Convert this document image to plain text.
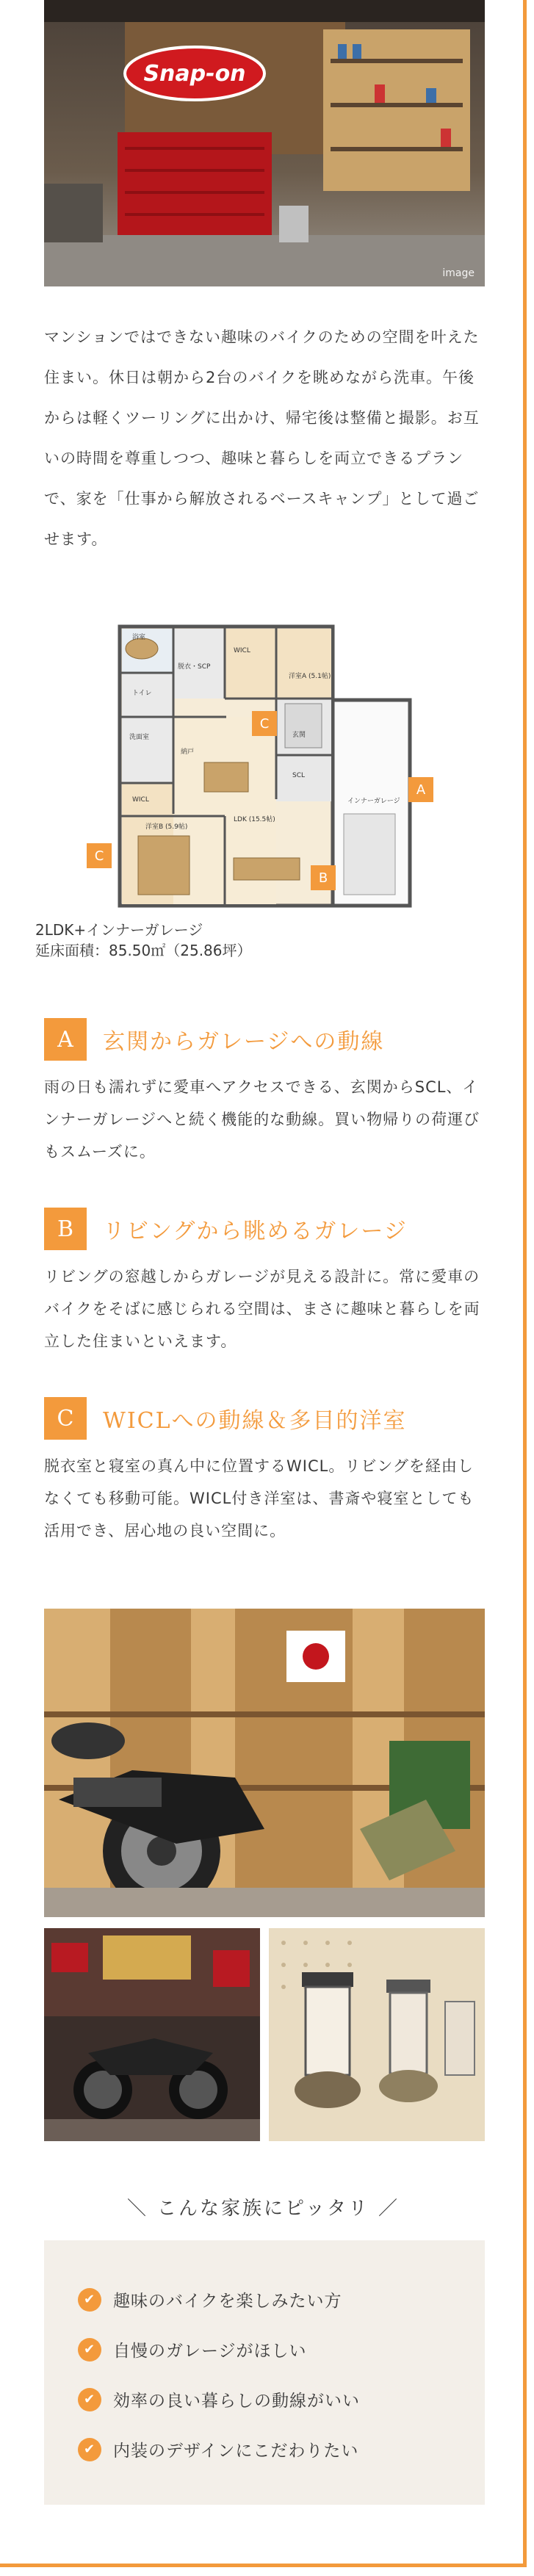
Snap-on
image
マンションではできない趣味のバイクのための空間を叶えた住まい。休日は朝から2台のバイクを眺めながら洗車。午後からは軽くツーリングに出かけ、帰宅後は整備と撮影。お互いの時間を尊重しつつ、趣味と暮らしを両立できるプランで、家を「仕事から解放されるベースキャンプ」として過ごせます。
浴室
脱衣・SCP
WICL
洋室A (5.1帖)
トイレ
洗面室
納戸
WICL
玄関
SCL
LDK (15.5帖)
洋室B (5.9帖)
インナーガレージ
C
A
B
C
2LDK+インナーガレージ
延床面積：85.50㎡（25.86坪）
A	玄関からガレージへの動線
雨の日も濡れずに愛車へアクセスできる、玄関からSCL、インナーガレージへと続く機能的な動線。買い物帰りの荷運びもスムーズに。
B	リビングから眺めるガレージ
リビングの窓越しからガレージが見える設計に。常に愛車のバイクをそばに感じられる空間は、まさに趣味と暮らしを両立した住まいといえます。
C	WICLへの動線＆多目的洋室
脱衣室と寝室の真ん中に位置するWICL。リビングを経由しなくても移動可能。WICL付き洋室は、書斎や寝室としても活用でき、居心地の良い空間に。
＼ こんな家族にピッタリ ／
✔	趣味のバイクを楽しみたい方
✔	自慢のガレージがほしい
✔	効率の良い暮らしの動線がいい
✔	内装のデザインにこだわりたい
